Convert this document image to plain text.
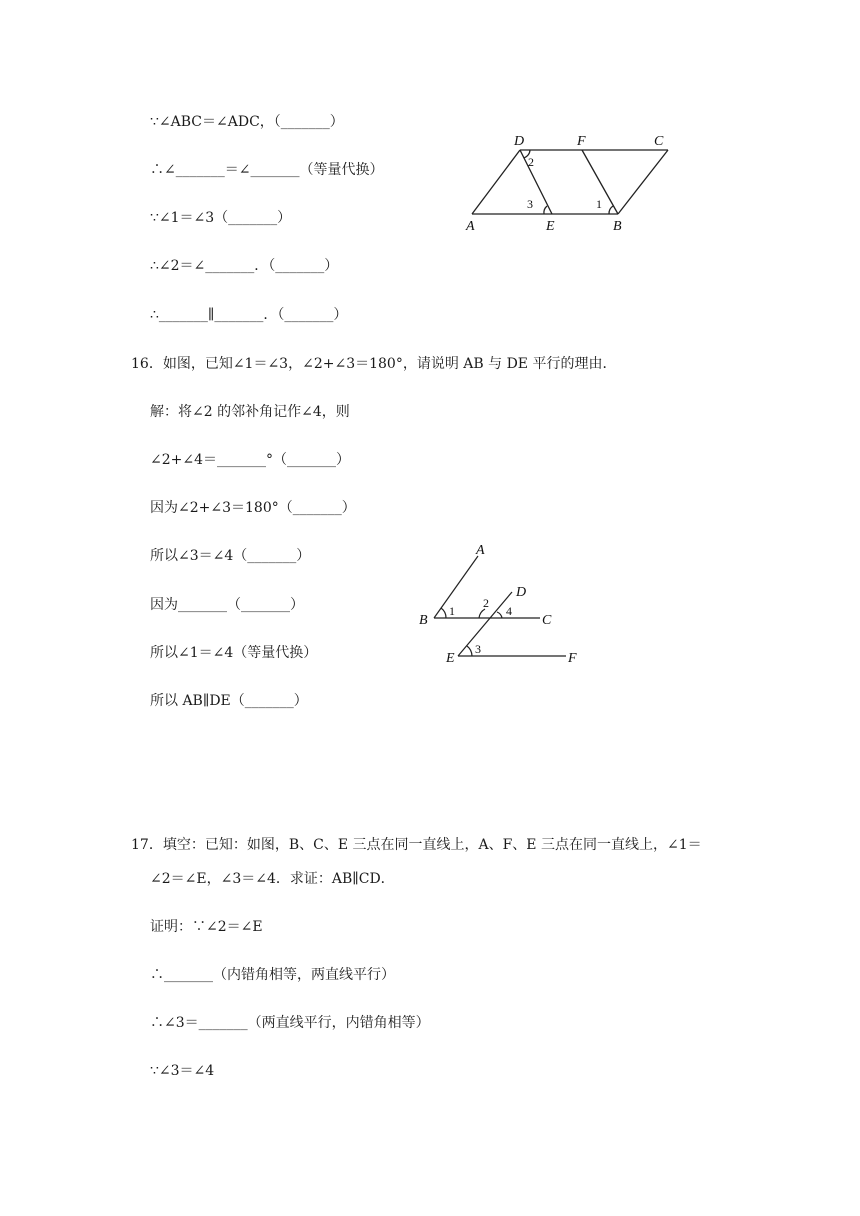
∵∠ABC＝∠ADC，（_______）
∴∠_______＝∠_______（等量代换）
∵∠1＝∠3（_______）
∴∠2＝∠_______．（_______）
∴_______∥_______．（_______）
D	F	C
A	E	B
2
3	1
16．如图，已知∠1＝∠3，∠2+∠3＝180°，请说明 AB 与 DE 平行的理由．
解：将∠2 的邻补角记作∠4，则
∠2+∠4＝_______°（_______）
因为∠2+∠3＝180°（_______）
所以∠3＝∠4（_______）
因为_______（_______）
所以∠1＝∠4（等量代换）
所以 AB∥DE（_______）
A
D
B	C
E	F
1
2
4
3
17．填空：已知：如图，B、C、E 三点在同一直线上，A、F、E 三点在同一直线上，∠1＝
∠2＝∠E，∠3＝∠4．求证：AB∥CD．
证明：∵∠2＝∠E
∴_______（内错角相等，两直线平行）
∴∠3＝_______（两直线平行，内错角相等）
∵∠3＝∠4
